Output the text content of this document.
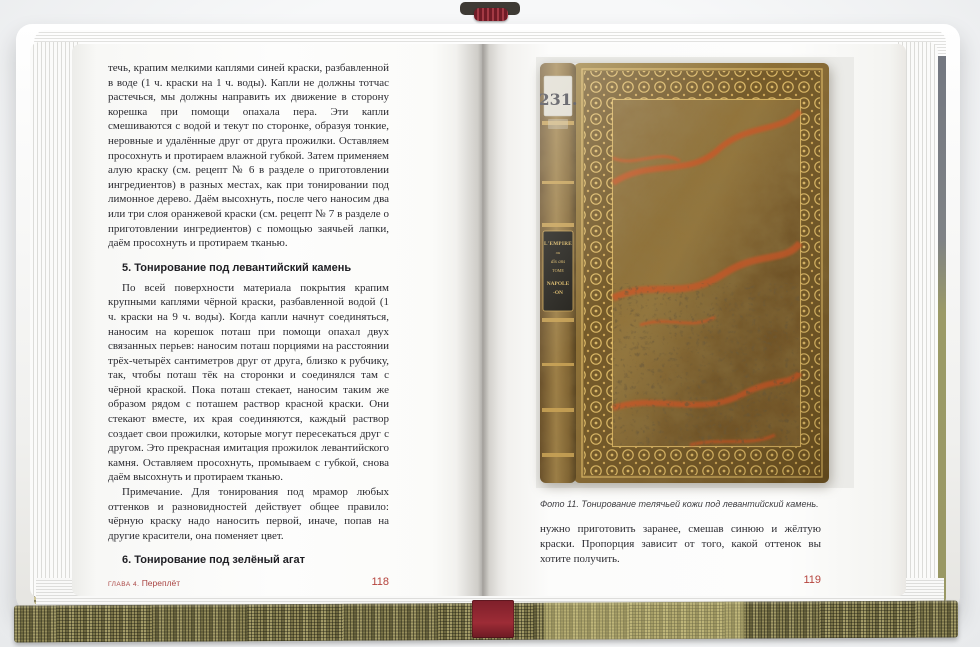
течь, крапим мелкими каплями синей краски, разбавленной в воде (1 ч. краски на 1 ч. воды). Капли не должны тотчас растечься, мы должны направить их движение в сторону корешка при помощи опахала пера. Эти капли смешиваются с водой и текут по сторонке, образуя тонкие, неровные и удалённые друг от друга прожилки. Оставляем просохнуть и протираем влажной губкой. Затем применяем алую краску (см. рецепт № 6 в разделе о приготовлении ингредиентов) в разных местах, как при тонировании под лимонное дерево. Даём высохнуть, после чего наносим два или три слоя оранжевой краски (см. рецепт № 7 в разделе о приготовлении ингредиентов) с помощью заячьей лапки, даём просохнуть и протираем тканью.

5. Тонирование под левантийский камень

По всей поверхности материала покрытия крапим крупными каплями чёрной краски, разбавленной водой (1 ч. краски на 9 ч. воды). Когда капли начнут соединяться, наносим на корешок поташ при помощи опахал двух связанных перьев: наносим поташ порциями на расстоянии трёх-четырёх сантиметров друг от друга, близко к рубчику, так, чтобы поташ тёк на сторонки и соединялся там с чёрной краской. Пока поташ стекает, наносим таким же образом рядом с поташем раствор красной краски. Они стекают вместе, их края соединяются, каждый раствор создает свои прожилки, которые могут пересекаться друг с другом. Это прекрасная имитация прожилок левантийского камня. Оставляем просохнуть, промываем с губкой, снова даём высохнуть и протираем тканью.

Примечание. Для тонирования под мрамор любых оттенков и разновидностей действует общее правило: чёрную краску надо наносить первой, иначе, попав на другие красители, она поменяет цвет.

6. Тонирование под зелёный агат

ГЛАВА 4. Переплёт	118
Фото 11. Тонирование телячьей кожи под левантийский камень.

нужно приготовить заранее, смешав синюю и жёлтую краски. Пропорция зависит от того, какой оттенок вы хотите получить.

119
